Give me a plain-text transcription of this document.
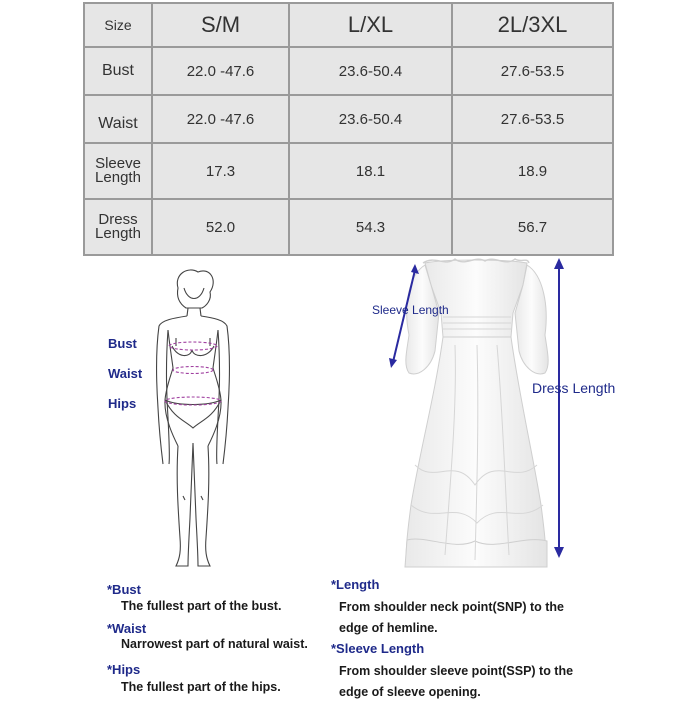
Size	S/M	L/XL	2L/3XL
Bust	22.0 -47.6	23.6-50.4	27.6-53.5
Waist	22.0 -47.6	23.6-50.4	27.6-53.5

Sleeve
Length	17.3	18.1	18.9

Dress
Length	52.0	54.3	56.7
Bust
Waist
Hips
Sleeve Length
Dress Length
*Bust
The fullest part of the bust.
*Waist
Narrowest part of natural waist.
*Hips
The fullest part of the hips.
*Length
From shoulder neck point(SNP) to the
edge of hemline.
*Sleeve Length
From shoulder sleeve point(SSP) to the
edge of sleeve opening.
